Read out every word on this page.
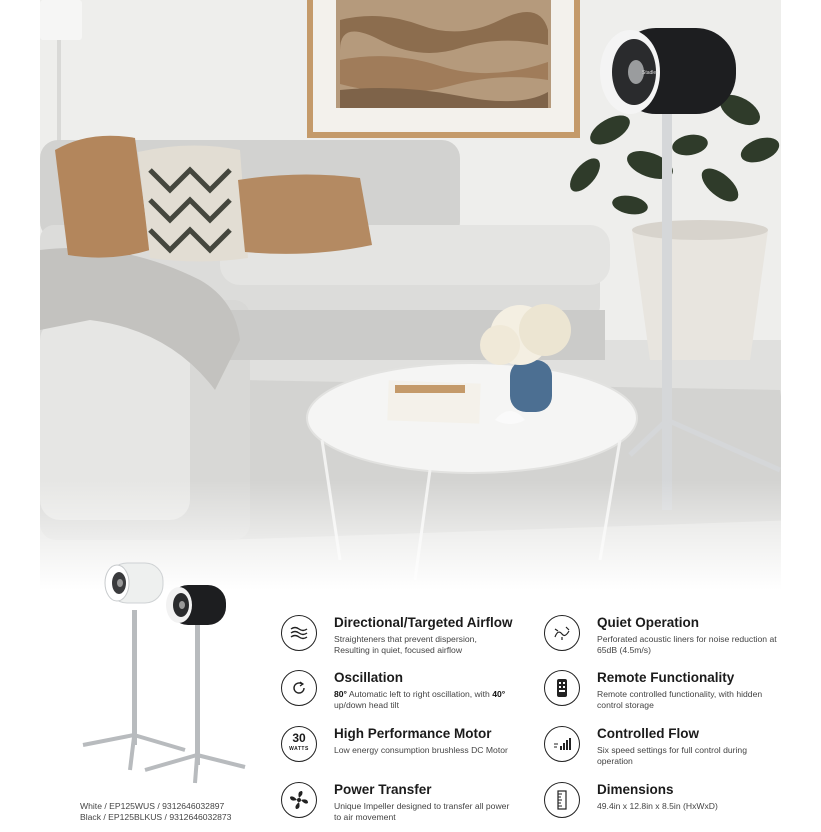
Stadler
White / EP125WUS / 9312646032897
Black / EP125BLKUS / 9312646032873
Directional/Targeted Airflow
Straighteners that prevent dispersion, Resulting in quiet, focused airflow
Quiet Operation
Perforated acoustic liners for noise reduction at 65dB (4.5m/s)
Oscillation
80° Automatic left to right oscillation, with 40° up/down head tilt
Remote Functionality
Remote controlled functionality, with hidden control storage
30
WATTS
High Performance Motor
Low energy consumption brushless DC Motor
Controlled Flow
Six speed settings for full control during operation
Power Transfer
Unique Impeller designed to transfer all power to air movement
Dimensions
49.4in x 12.8in x 8.5in (HxWxD)
